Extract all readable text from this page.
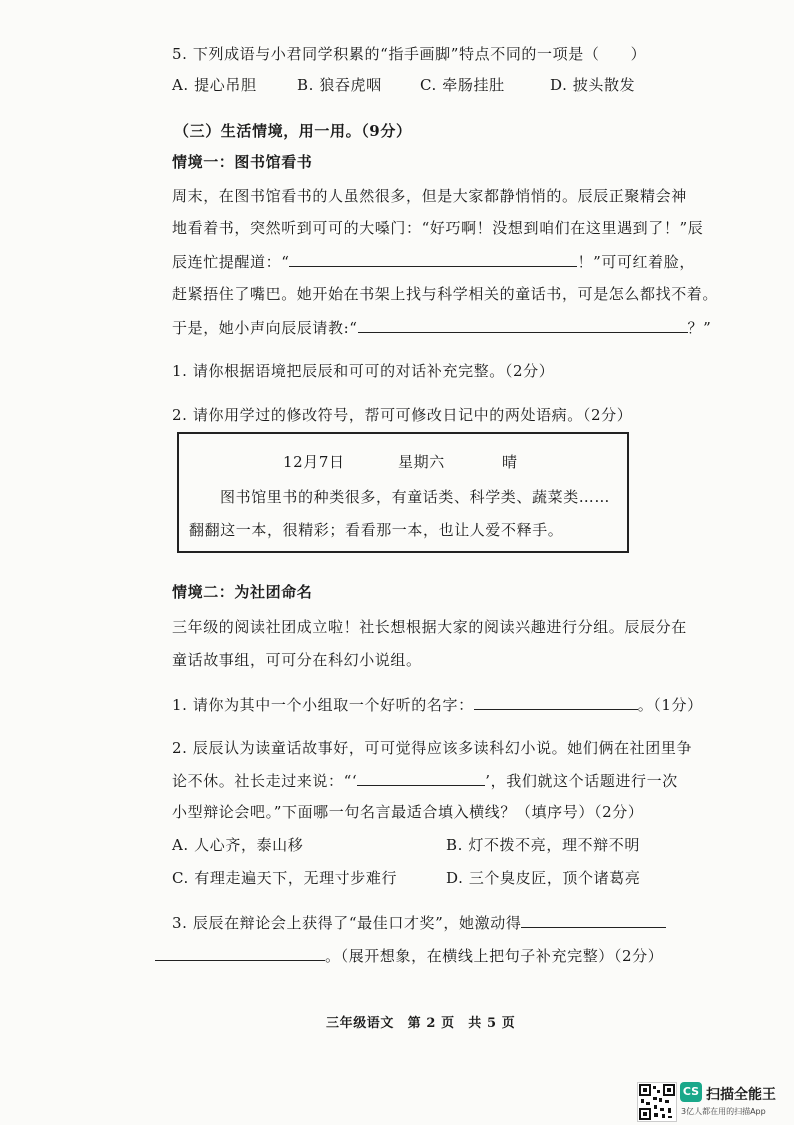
5. 下列成语与小君同学积累的“指手画脚”特点不同的一项是（　　）
A. 提心吊胆	B. 狼吞虎咽	C. 牵肠挂肚	D. 披头散发
（三）生活情境，用一用。（9分）
情境一：图书馆看书
周末，在图书馆看书的人虽然很多，但是大家都静悄悄的。辰辰正聚精会神
地看着书，突然听到可可的大嗓门：“好巧啊！没想到咱们在这里遇到了！”辰
辰连忙提醒道：“	！”可可红着脸，
赶紧捂住了嘴巴。她开始在书架上找与科学相关的童话书，可是怎么都找不着。
于是，她小声向辰辰请教:“	？”
1. 请你根据语境把辰辰和可可的对话补充完整。（2分）
2. 请你用学过的修改符号，帮可可修改日记中的两处语病。（2分）
12月7日	星期六	晴
图书馆里书的种类很多，有童话类、科学类、蔬菜类……
翻翻这一本，很精彩；看看那一本，也让人爱不释手。
情境二：为社团命名
三年级的阅读社团成立啦！社长想根据大家的阅读兴趣进行分组。辰辰分在
童话故事组，可可分在科幻小说组。
1. 请你为其中一个小组取一个好听的名字：	。（1分）
2. 辰辰认为读童话故事好，可可觉得应该多读科幻小说。她们俩在社团里争
论不休。社长走过来说：“‘	’，我们就这个话题进行一次
小型辩论会吧。”下面哪一句名言最适合填入横线？（填序号）（2分）
A. 人心齐，泰山移	B. 灯不拨不亮，理不辩不明
C. 有理走遍天下，无理寸步难行	D. 三个臭皮匠，顶个诸葛亮
3. 辰辰在辩论会上获得了“最佳口才奖”，她激动得
。（展开想象，在横线上把句子补充完整）（2分）
三年级语文　第 2 页　共 5 页
CS 扫描全能王
3亿人都在用的扫描App
